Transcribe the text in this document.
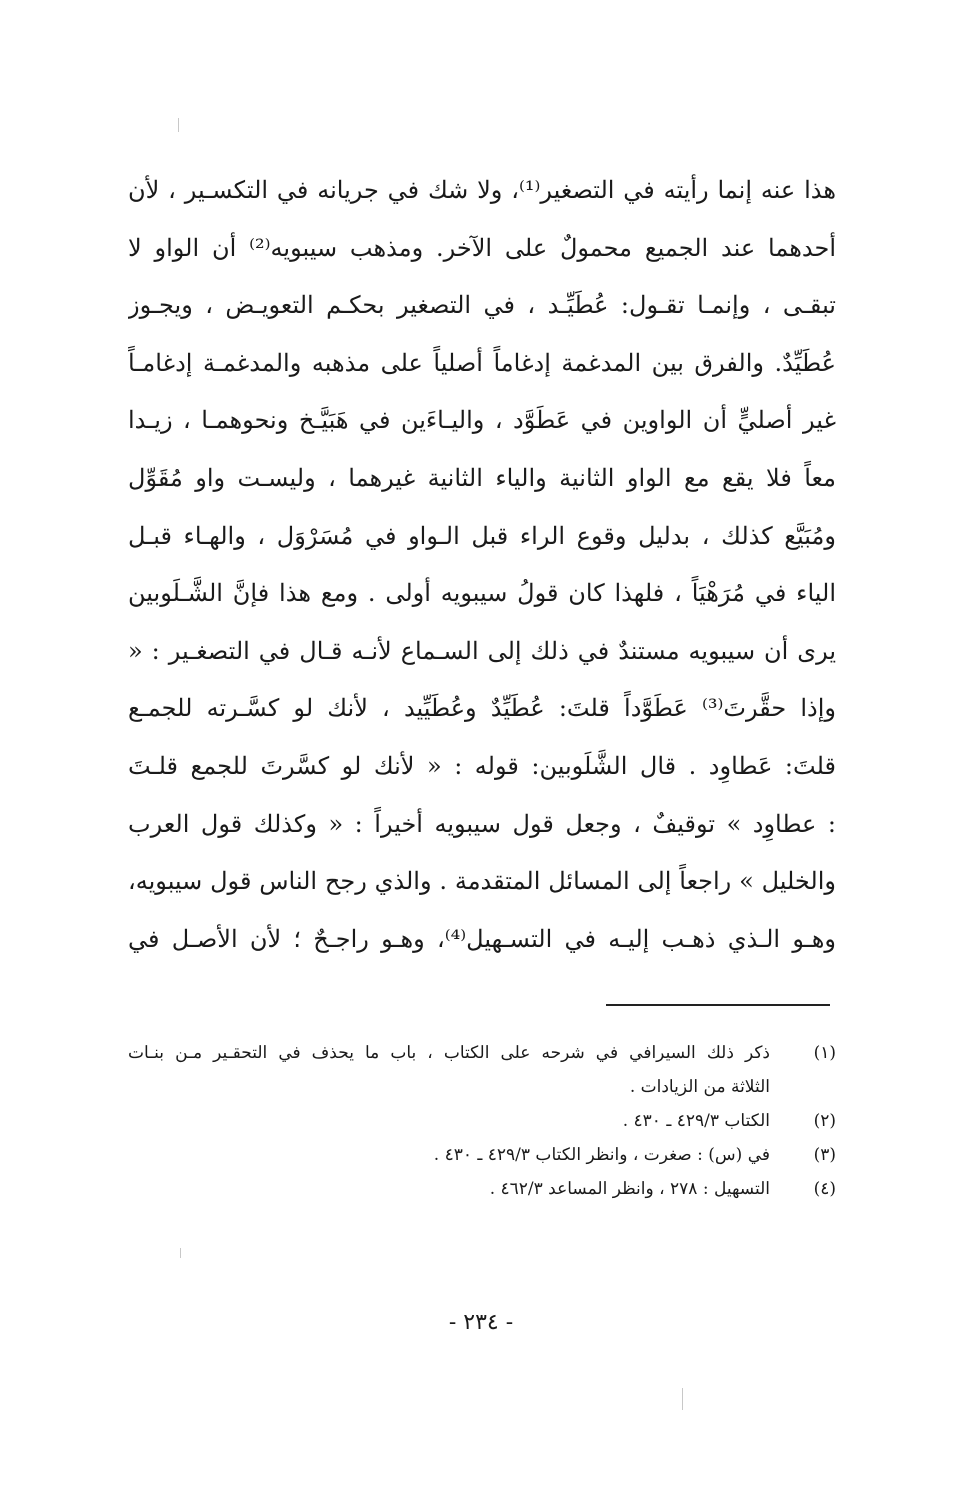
هذا عنه إنما رأيته في التصغير⁽¹⁾، ولا شك في جريانه في التكسـير ، لأن
أحدهما عند الجميع محمولٌ على الآخر. ومذهب سيبويه⁽²⁾ أن الواو لا
تبقـى ، وإنمـا تقـول: عُطَيِّـد ، في التصغير بحكـم التعويـض ، ويجـوز
عُطَيِّدٌ. والفرق بين المدغمة إدغاماً أصلياً على مذهبه والمدغمـة إدغامـاً
غير أصليٍّ أن الواوين في عَطَوَّد ، واليـاءَين في هَبَيَّـخ ونحوهمـا ، زيـدا
معاً فلا يقع مع الواو الثانية والياء الثانية غيرهما ، وليسـت واو مُقَوِّل
ومُبَيَّع كذلك ، بدليل وقوع الراء قبل الـواو في مُسَرْوَل ، والهـاء قبـل
الياء في مُرَهْيَاً ، فلهذا كان قولُ سيبويه أولى . ومع هذا فإنَّ الشَّـلَوبين
يرى أن سيبويه مستندٌ في ذلك إلى السـماع لأنـه قـال في التصغـير : «
وإذا حقَّرتَ⁽³⁾ عَطَوَّداً قلتَ: عُطَيِّدٌ وعُطَيِّيد ، لأنك لو كسَّـرته للجمـع
قلتَ: عَطاوِد . قال الشَّلَوبين: قوله : « لأنك لو كسَّرتَ للجمع قلـتَ
: عطاوِد » توقيفٌ ، وجعل قول سيبويه أخيراً : « وكذلك قول العرب
والخليل » راجعاً إلى المسائل المتقدمة . والذي رجح الناس قول سيبويه،
وهـو الـذي ذهـب إليـه في التسـهيل⁽⁴⁾، وهـو راجـحٌ ؛ لأن الأصـل في
(١)
ذكر ذلك السيرافي في شرحه على الكتاب ، باب ما يحذف في التحقـير مـن بنـات
الثلاثة من الزيادات .
(٢)
الكتاب ٤٢٩/٣ ـ ٤٣٠ .
(٣)
في (س) : صغرت ، وانظر الكتاب ٤٢٩/٣ ـ ٤٣٠ .
(٤)
التسهيل : ٢٧٨ ، وانظر المساعد ٤٦٢/٣ .
- ٢٣٤ -
